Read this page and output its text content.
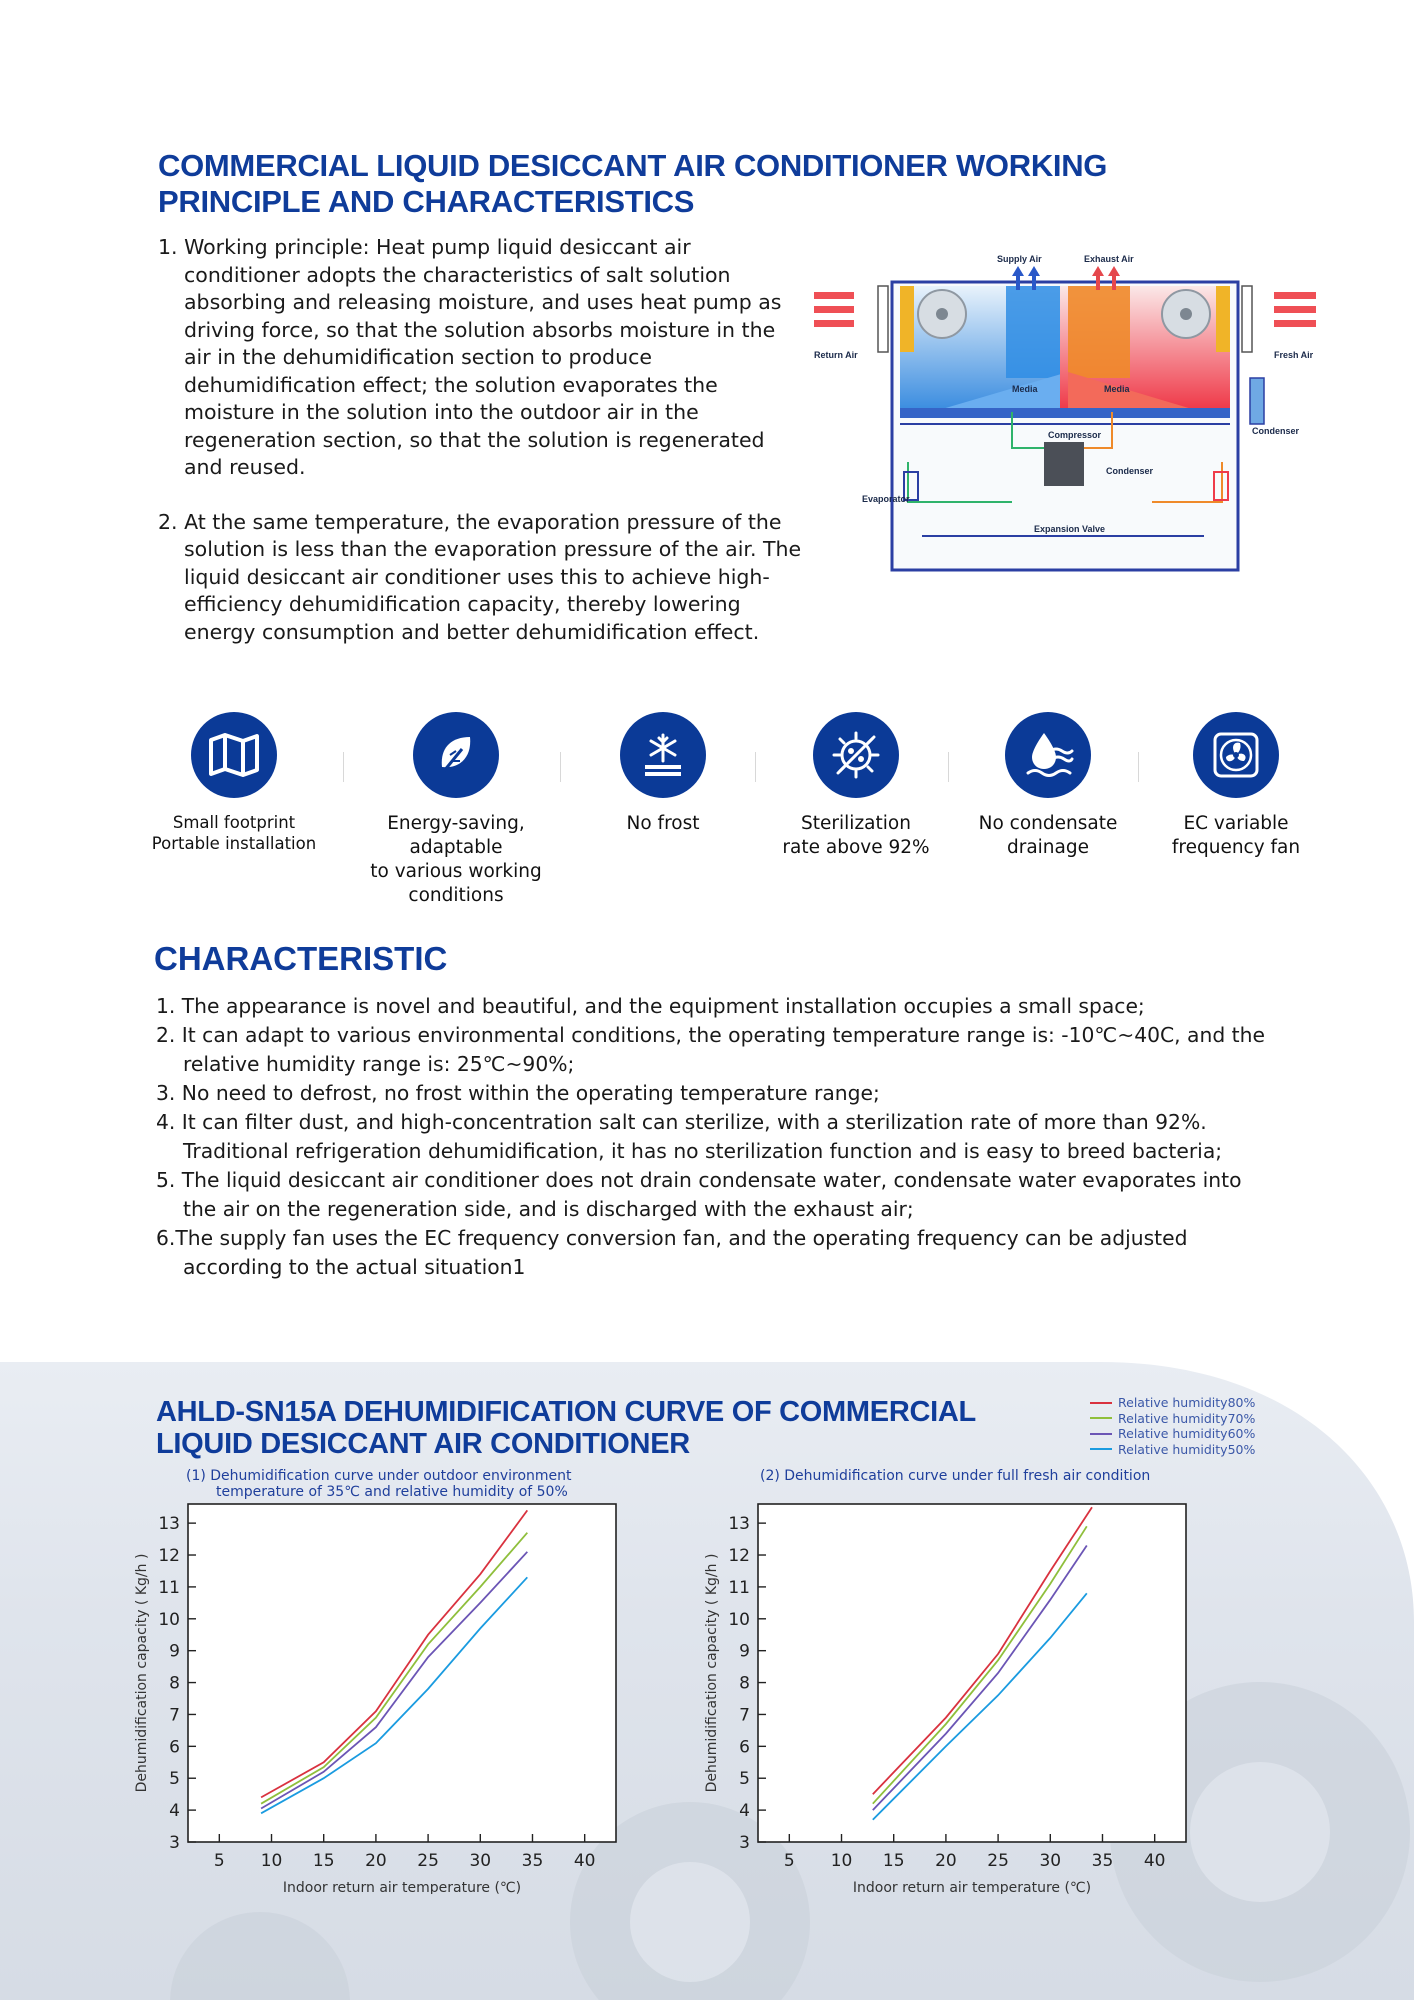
COMMERCIAL LIQUID DESICCANT AIR CONDITIONER WORKING PRINCIPLE AND CHARACTERISTICS
1. Working principle: Heat pump liquid desiccant air conditioner adopts the characteristics of salt solution absorbing and releasing moisture, and uses heat pump as driving force, so that the solution absorbs moisture in the air in the dehumidification section to produce dehumidification effect; the solution evaporates the moisture in the solution into the outdoor air in the regeneration section, so that the solution is regenerated and reused.
2. At the same temperature, the evaporation pressure of the solution is less than the evaporation pressure of the air. The liquid desiccant air conditioner uses this to achieve high-efficiency dehumidification capacity, thereby lowering energy consumption and better dehumidification effect.
Supply Air	Exhaust Air
Return Air	Fresh Air
Media	Media
Condenser
Compressor
Condenser
Evaporator
Expansion Valve
Small footprint
Portable installation
Energy-saving, adaptable
to various working
conditions
No frost	Sterilization
rate above 92%
No condensate
drainage
EC variable
frequency fan
CHARACTERISTIC
1. The appearance is novel and beautiful, and the equipment installation occupies a small space;
2. It can adapt to various environmental conditions, the operating temperature range is: -10℃~40C, and the relative humidity range is: 25℃~90%;
3. No need to defrost, no frost within the operating temperature range;
4. It can filter dust, and high-concentration salt can sterilize, with a sterilization rate of more than 92%. Traditional refrigeration dehumidification, it has no sterilization function and is easy to breed bacteria;
5. The liquid desiccant air conditioner does not drain condensate water, condensate water evaporates into the air on the regeneration side, and is discharged with the exhaust air;
6.The supply fan uses the EC frequency conversion fan, and the operating frequency can be adjusted according to the actual situation1
AHLD-SN15A DEHUMIDIFICATION CURVE OF COMMERCIAL
LIQUID DESICCANT AIR CONDITIONER
Relative humidity80%
Relative humidity70%
Relative humidity60%
Relative humidity50%
(1) Dehumidification curve under outdoor environment
temperature of 35℃ and relative humidity of 50%
(2) Dehumidification curve under full fresh air condition
3
4
5
6
7
8
9
10
11
12
13
5 10 15 20 25 30 35 40
Indoor return air temperature (℃)
Dehumidification capacity ( Kg/h )
3
4
5
6
7
8
9
10
11
12
13
5 10 15 20 25 30 35 40
Indoor return air temperature (℃)
Dehumidification capacity ( Kg/h )
